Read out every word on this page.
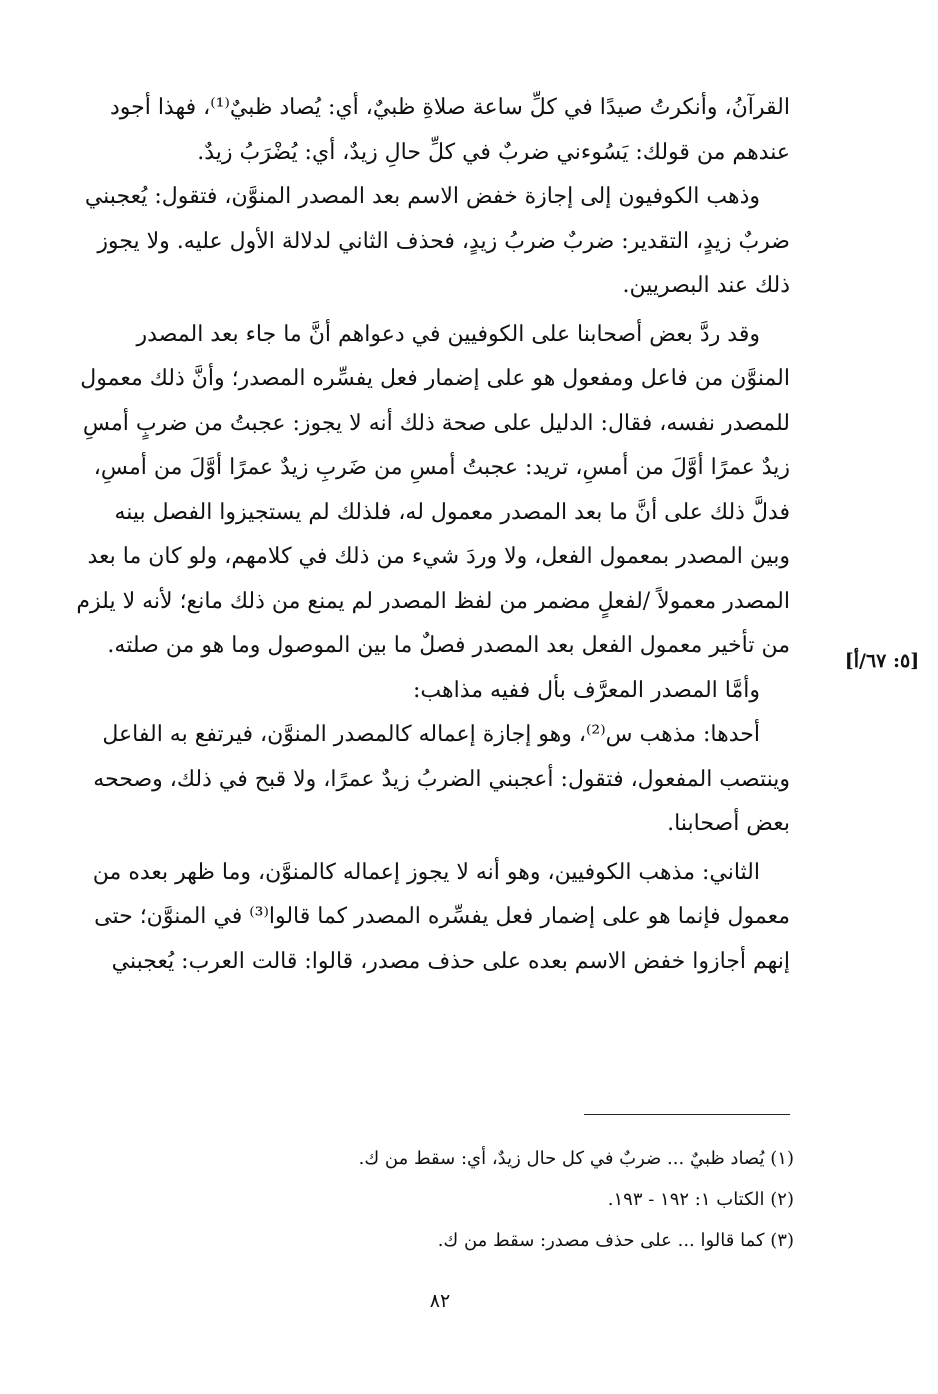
القرآنُ، وأنكرتُ صيدًا في كلِّ ساعة صلاةِ ظبيٌ، أي: يُصاد ظبيٌ⁽¹⁾، فهذا أجود عندهم من قولك: يَسُوءني ضربٌ في كلِّ حالِ زيدٌ، أي: يُضْرَبُ زيدٌ.

وذهب الكوفيون إلى إجازة خفض الاسم بعد المصدر المنوَّن، فتقول: يُعجبني ضربٌ زيدٍ، التقدير: ضربٌ ضربُ زيدٍ، فحذف الثاني لدلالة الأول عليه. ولا يجوز ذلك عند البصريين.

وقد ردَّ بعض أصحابنا على الكوفيين في دعواهم أنَّ ما جاء بعد المصدر المنوَّن من فاعل ومفعول هو على إضمار فعل يفسِّره المصدر؛ وأنَّ ذلك معمول للمصدر نفسه، فقال: الدليل على صحة ذلك أنه لا يجوز: عجبتُ من ضربٍ أمسِ زيدٌ عمرًا أوَّلَ من أمسِ، تريد: عجبتُ أمسِ من ضَربِ زيدٌ عمرًا أوَّلَ من أمسِ، فدلَّ ذلك على أنَّ ما بعد المصدر معمول له، فلذلك لم يستجيزوا الفصل بينه وبين المصدر بمعمول الفعل، ولا وردَ شيء من ذلك في كلامهم، ولو كان ما بعد المصدر معمولاً /لفعلٍ مضمر من لفظ المصدر لم يمنع من ذلك مانع؛ لأنه لا يلزم من تأخير معمول الفعل بعد المصدر فصلٌ ما بين الموصول وما هو من صلته.

وأمَّا المصدر المعرَّف بأل ففيه مذاهب:

أحدها: مذهب س⁽²⁾، وهو إجازة إعماله كالمصدر المنوَّن، فيرتفع به الفاعل وينتصب المفعول، فتقول: أعجبني الضربُ زيدٌ عمرًا، ولا قبح في ذلك، وصححه بعض أصحابنا.

الثاني: مذهب الكوفيين، وهو أنه لا يجوز إعماله كالمنوَّن، وما ظهر بعده من معمول فإنما هو على إضمار فعل يفسِّره المصدر كما قالوا⁽³⁾ في المنوَّن؛ حتى إنهم أجازوا خفض الاسم بعده على حذف مصدر، قالوا: قالت العرب: يُعجبني

[٥: ٦٧/أ]

(١) يُصاد ظبيٌ ... ضربٌ في كل حال زيدٌ، أي: سقط من ك.

(٢) الكتاب ١: ١٩٢ - ١٩٣.

(٣) كما قالوا ... على حذف مصدر: سقط من ك.

٨٢
